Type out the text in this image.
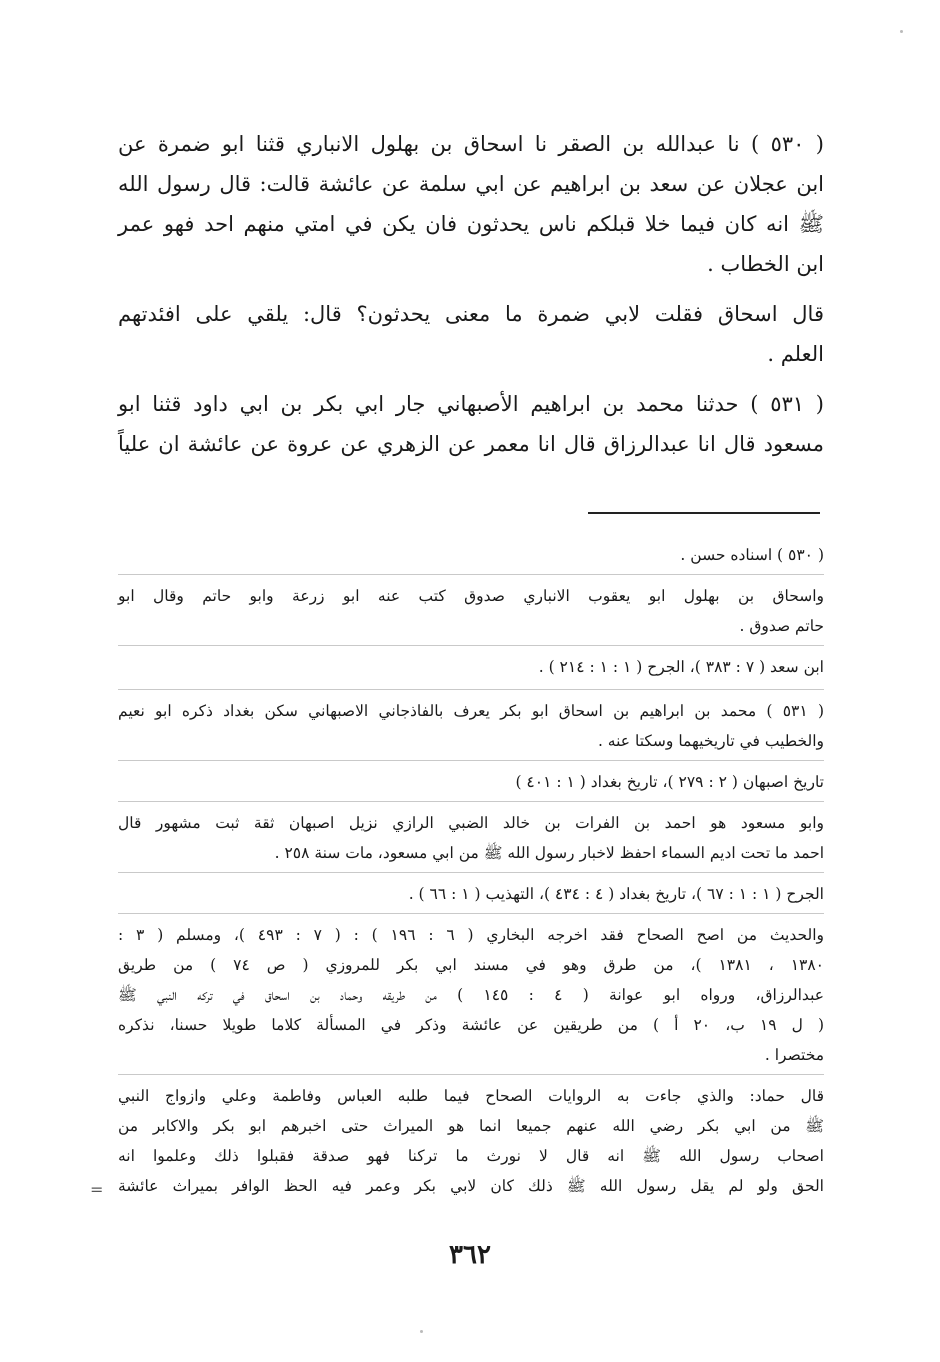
( ٥٣٠ ) نا عبدالله بن الصقر نا اسحاق بن بهلول الانباري قثنا ابو ضمرة عن
ابن عجلان عن سعد بن ابراهيم عن ابي سلمة عن عائشة قالت: قال رسول الله
ﷺ انه كان فيما خلا قبلكم ناس يحدثون فان يكن في امتي منهم احد فهو عمر
ابن الخطاب .

قال اسحاق فقلت لابي ضمرة ما معنى يحدثون؟ قال: يلقي على افئدتهم
العلم .

( ٥٣١ ) حدثنا محمد بن ابراهيم الأصبهاني جار ابي بكر بن ابي داود قثنا ابو
مسعود قال انا عبدالرزاق قال انا معمر عن الزهري عن عروة عن عائشة ان علياً

( ٥٣٠ ) اسناده حسن .
واسحاق بن بهلول ابو يعقوب الانباري صدوق كتب عنه ابو زرعة وابو حاتم وقال ابو
حاتم صدوق .
ابن سعد ( ٧ : ٣٨٣ )، الجرح ( ١ : ١ : ٢١٤ ) .
( ٥٣١ ) محمد بن ابراهيم بن اسحاق ابو بكر يعرف بالفاذجاني الاصبهاني سكن بغداد ذكره ابو نعيم
والخطيب في تاريخيهما وسكتا عنه .
تاريخ اصبهان ( ٢ : ٢٧٩ )، تاريخ بغداد ( ١ : ٤٠١ )
وابو مسعود هو احمد بن الفرات بن خالد الضبي الرازي نزيل اصبهان ثقة ثبت مشهور قال
احمد ما تحت اديم السماء احفظ لاخبار رسول الله ﷺ من ابي مسعود، مات سنة ٢٥٨ .
الجرح ( ١ : ١ : ٦٧ )، تاريخ بغداد ( ٤ : ٤٣٤ )، التهذيب ( ١ : ٦٦ ) .
والحديث من اصح الصحاح فقد اخرجه البخاري ( ٦ : ١٩٦ ) : ( ٧ : ٤٩٣ )، ومسلم ( ٣ :
١٣٨٠ ، ١٣٨١ )، من طرق وهو في مسند ابي بكر للمروزي ( ص ٧٤ ) من طريق
عبدالرزاق، ورواه ابو عوانة ( ٤ : ١٤٥ ) من طريقه وحماد بن اسحاق في تركه النبي ﷺ
( ل ١٩ ب، ٢٠ أ ) من طريقين عن عائشة وذكر في المسألة كلاما طويلا حسنا، نذكره
مختصرا .
قال حماد: والذي جاءت به الروايات الصحاح فيما طلبه العباس وفاطمة وعلي وازواج النبي
ﷺ من ابي بكر رضي الله عنهم جميعا انما هو الميراث حتى اخبرهم ابو بكر والاكابر من
اصحاب رسول الله ﷺ انه قال لا نورث ما تركنا فهو صدقة فقبلوا ذلك وعلموا انه
الحق ولو لم يقل رسول الله ﷺ ذلك كان لابي بكر وعمر فيه الحظ الوافر بميراث عائشة
=
٣٦٢
